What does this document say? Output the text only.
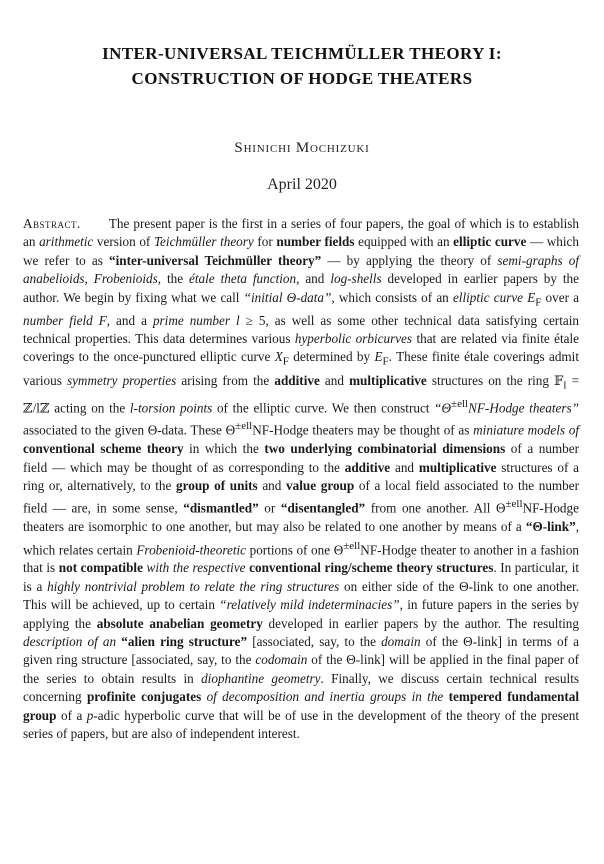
INTER-UNIVERSAL TEICHMÜLLER THEORY I:
CONSTRUCTION OF HODGE THEATERS
Shinichi Mochizuki
April 2020
Abstract. The present paper is the first in a series of four papers, the goal of which is to establish an arithmetic version of Teichmüller theory for number fields equipped with an elliptic curve — which we refer to as “inter-universal Teichmüller theory” — by applying the theory of semi-graphs of anabelioids, Frobenioids, the étale theta function, and log-shells developed in earlier papers by the author. We begin by fixing what we call “initial Θ-data”, which consists of an elliptic curve $E_F$ over a number field F, and a prime number l ≥ 5, as well as some other technical data satisfying certain technical properties. This data determines various hyperbolic orbicurves that are related via finite étale coverings to the once-punctured elliptic curve $X_F$ determined by $E_F$. These finite étale coverings admit various symmetry properties arising from the additive and multiplicative structures on the ring 𝔽$_l$ = ℤ/lℤ acting on the l-torsion points of the elliptic curve. We then construct “$\Theta^{\pm ell}NF$-Hodge theaters” associated to the given Θ-data. These $\Theta^{\pm ell}NF$-Hodge theaters may be thought of as miniature models of conventional scheme theory in which the two underlying combinatorial dimensions of a number field — which may be thought of as corresponding to the additive and multiplicative structures of a ring or, alternatively, to the group of units and value group of a local field associated to the number field — are, in some sense, “dismantled” or “disentangled” from one another. All $\Theta^{\pm ell}NF$-Hodge theaters are isomorphic to one another, but may also be related to one another by means of a “Θ-link”, which relates certain Frobenioid-theoretic portions of one $\Theta^{\pm ell}NF$-Hodge theater to another in a fashion that is not compatible with the respective conventional ring/scheme theory structures. In particular, it is a highly nontrivial problem to relate the ring structures on either side of the Θ-link to one another. This will be achieved, up to certain “relatively mild indeterminacies”, in future papers in the series by applying the absolute anabelian geometry developed in earlier papers by the author. The resulting description of an “alien ring structure” [associated, say, to the domain of the Θ-link] in terms of a given ring structure [associated, say, to the codomain of the Θ-link] will be applied in the final paper of the series to obtain results in diophantine geometry. Finally, we discuss certain technical results concerning profinite conjugates of decomposition and inertia groups in the tempered fundamental group of a p-adic hyperbolic curve that will be of use in the development of the theory of the present series of papers, but are also of independent interest.
